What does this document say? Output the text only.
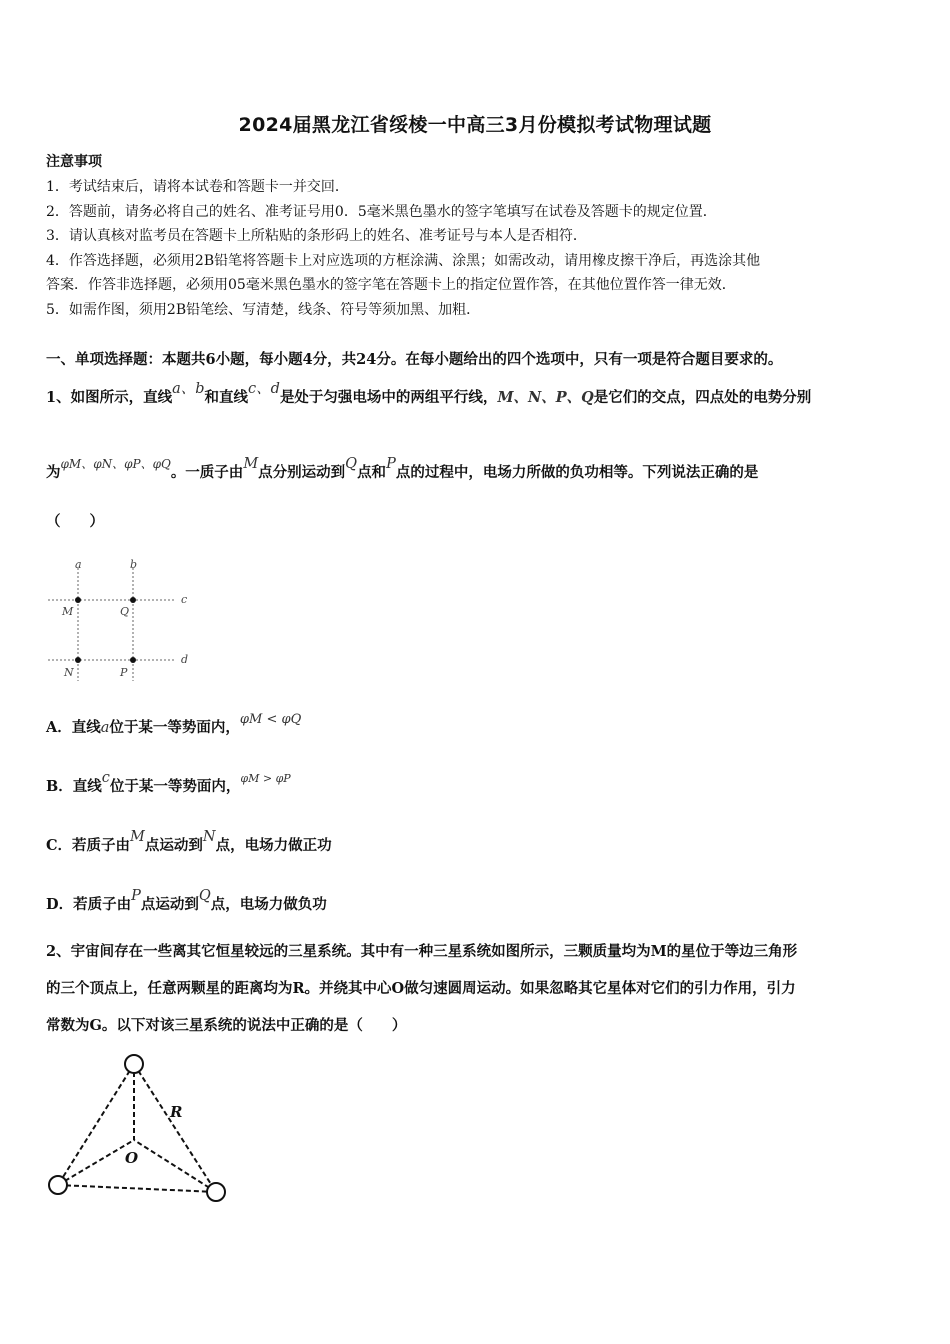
2024届黑龙江省绥棱一中高三3月份模拟考试物理试题
注意事项
1．考试结束后，请将本试卷和答题卡一并交回．
2．答题前，请务必将自己的姓名、准考证号用0．5毫米黑色墨水的签字笔填写在试卷及答题卡的规定位置．
3．请认真核对监考员在答题卡上所粘贴的条形码上的姓名、准考证号与本人是否相符．
4．作答选择题，必须用2B铅笔将答题卡上对应选项的方框涂满、涂黑；如需改动，请用橡皮擦干净后，再选涂其他
答案．作答非选择题，必须用05毫米黑色墨水的签字笔在答题卡上的指定位置作答，在其他位置作答一律无效．
5．如需作图，须用2B铅笔绘、写清楚，线条、符号等须加黑、加粗．
一、单项选择题：本题共6小题，每小题4分，共24分。在每小题给出的四个选项中，只有一项是符合题目要求的。
1、如图所示，直线a、b和直线c、d是处于匀强电场中的两组平行线，M、N、P、Q是它们的交点，四点处的电势分别
为$^{\varphi M、\varphi N、\varphi P、\varphi Q}$。一质子由M点分别运动到Q点和P点的过程中，电场力所做的负功相等。下列说法正确的是
（　　）
a	b
c
d
M	Q
N	P
A．直线a位于某一等势面内，φM < φQ
B．直线c位于某一等势面内，$^{\varphi M > \varphi P}$
C．若质子由M点运动到N点，电场力做正功
D．若质子由P点运动到Q点，电场力做负功
2、宇宙间存在一些离其它恒星较远的三星系统。其中有一种三星系统如图所示，三颗质量均为M的星位于等边三角形
的三个顶点上，任意两颗星的距离均为R。并绕其中心O做匀速圆周运动。如果忽略其它星体对它们的引力作用，引力
常数为G。以下对该三星系统的说法中正确的是（　　）
R
O
